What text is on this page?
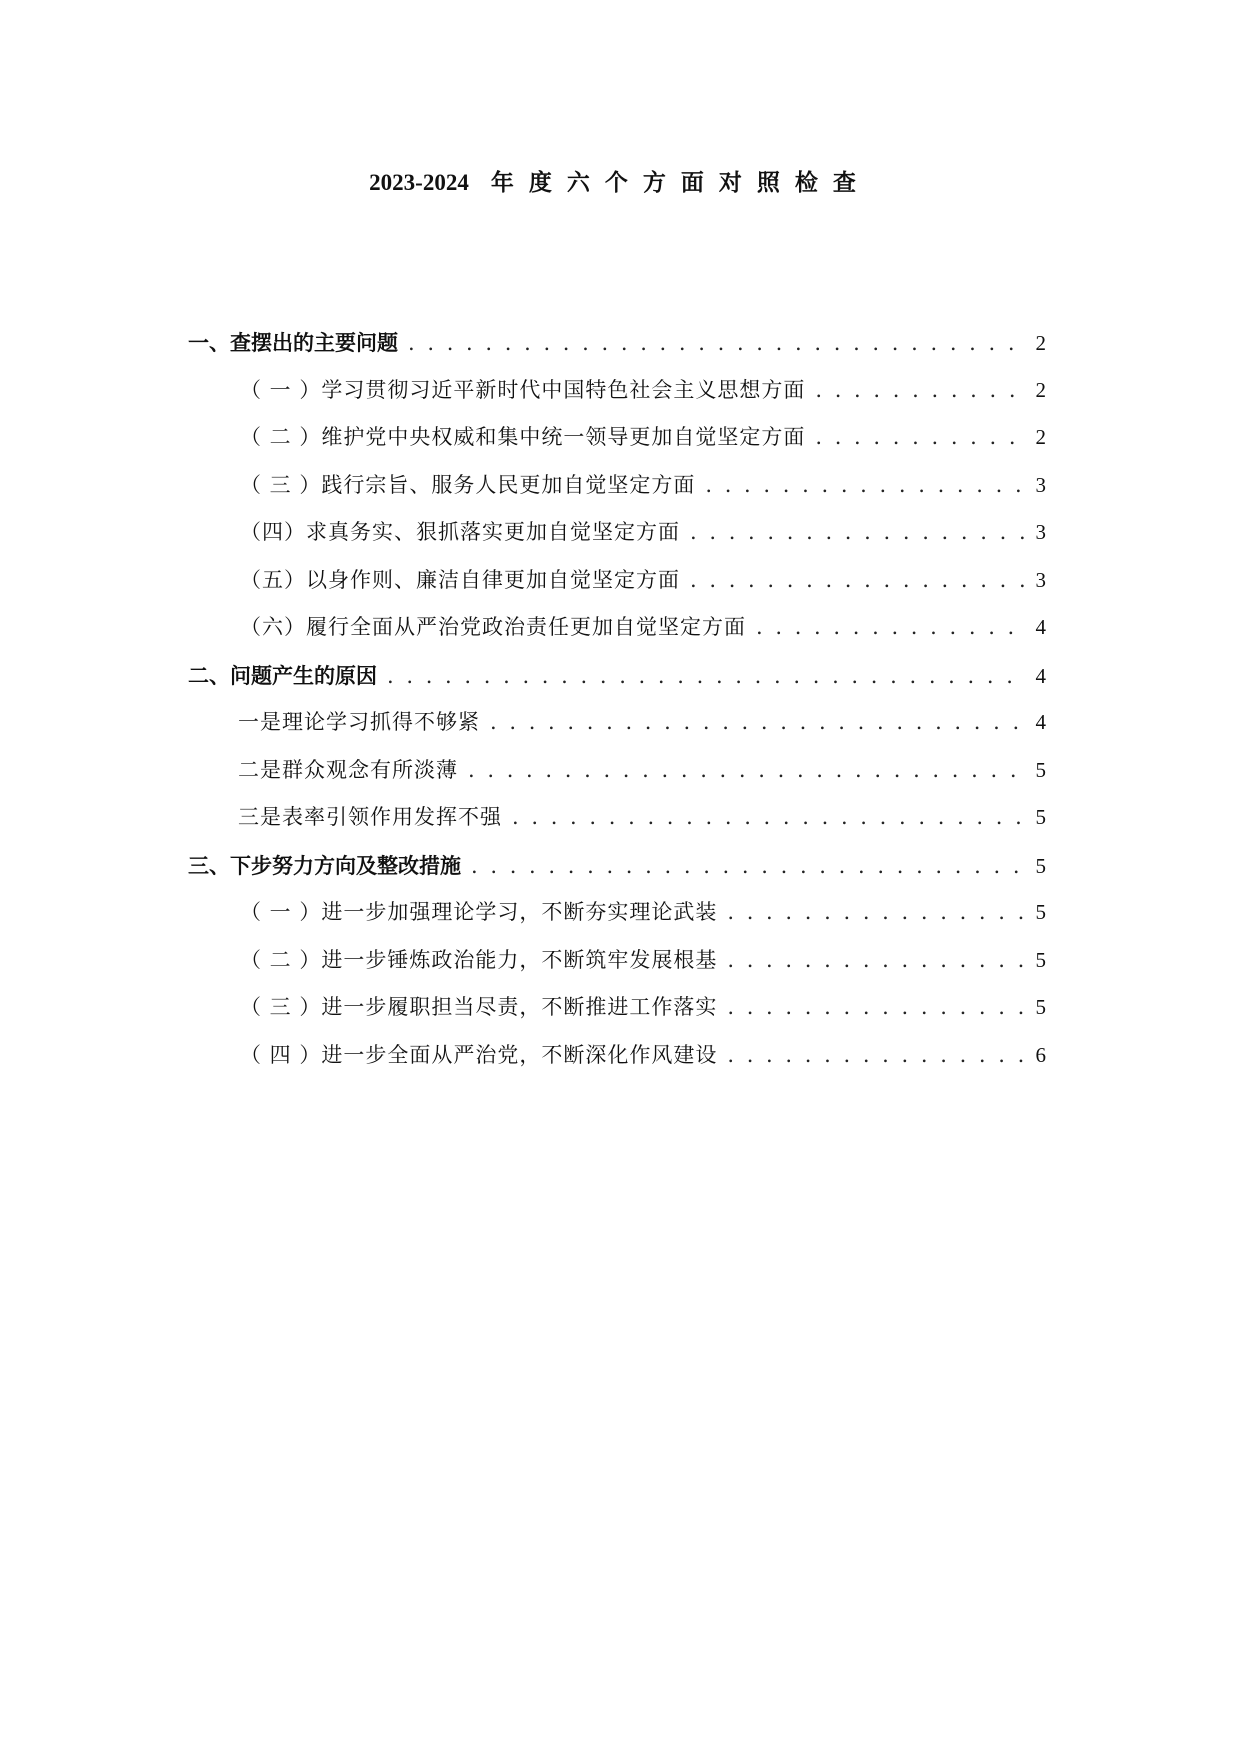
2023-2024 年度六个方面对照检查
一、查摆出的主要问题 . . .	2
（ 一 ）学习贯彻习近平新时代中国特色社会主义思想方面 . . .	2
（ 二 ）维护党中央权威和集中统一领导更加自觉坚定方面 . . .	2
（ 三 ）践行宗旨、服务人民更加自觉坚定方面 . . .	3
（四）求真务实、狠抓落实更加自觉坚定方面 . . .	3
（五）以身作则、廉洁自律更加自觉坚定方面 . . .	3
（六）履行全面从严治党政治责任更加自觉坚定方面 . . .	4
二、问题产生的原因 . . .	4
一是理论学习抓得不够紧 . . .	4
二是群众观念有所淡薄 . . .	5
三是表率引领作用发挥不强 . . .	5
三、下步努力方向及整改措施 . . .	5
（ 一 ）进一步加强理论学习，不断夯实理论武装 . . .	5
（ 二 ）进一步锤炼政治能力，不断筑牢发展根基 . . .	5
（ 三 ）进一步履职担当尽责，不断推进工作落实 . . .	5
（ 四 ）进一步全面从严治党，不断深化作风建设 . . .	6
